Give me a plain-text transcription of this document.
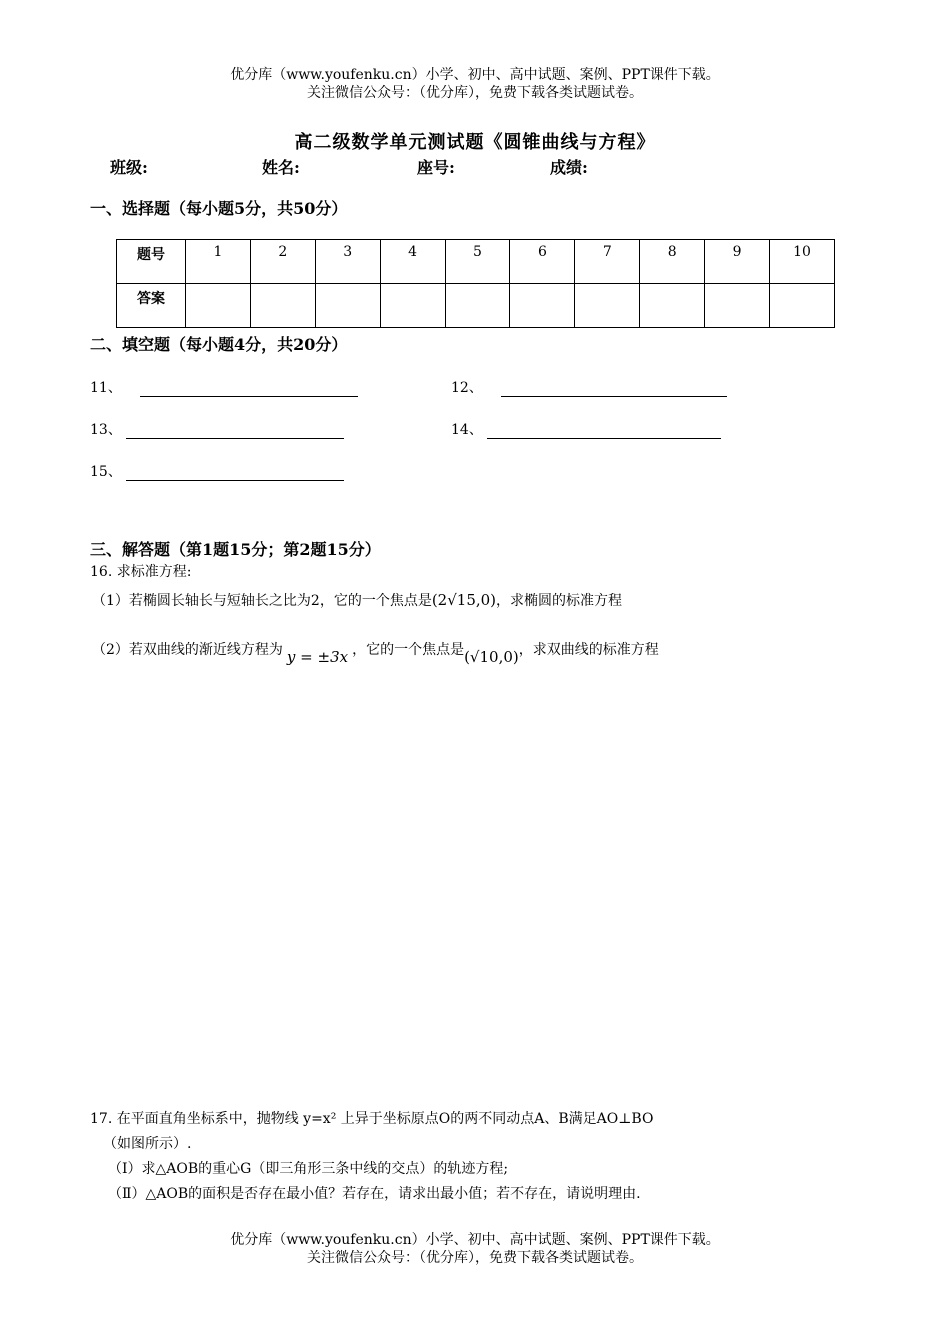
优分库（www.youfenku.cn）小学、初中、高中试题、案例、PPT课件下载。
关注微信公众号：（优分库），免费下载各类试题试卷。
高二级数学单元测试题《圆锥曲线与方程》
班级:	姓名:	座号:	成绩:
一、选择题（每小题5分，共50分）
题号	1	2	3	4	5	6	7	8	9	10
答案										
二、填空题（每小题4分，共20分）
11、	12、
13、	14、
15、
三、解答题（第1题15分；第2题15分）
16. 求标准方程:
（1）若椭圆长轴长与短轴长之比为2，它的一个焦点是(2√15,0)，求椭圆的标准方程
（2）若双曲线的渐近线方程为 y = ±3x ，它的一个焦点是(√10,0)，求双曲线的标准方程
17. 在平面直角坐标系中，抛物线 y=x² 上异于坐标原点O的两不同动点A、B满足AO⊥BO
（如图所示）.
（Ⅰ）求△AOB的重心G（即三角形三条中线的交点）的轨迹方程;
（Ⅱ）△AOB的面积是否存在最小值？若存在，请求出最小值；若不存在，请说明理由.
优分库（www.youfenku.cn）小学、初中、高中试题、案例、PPT课件下载。
关注微信公众号：（优分库），免费下载各类试题试卷。
